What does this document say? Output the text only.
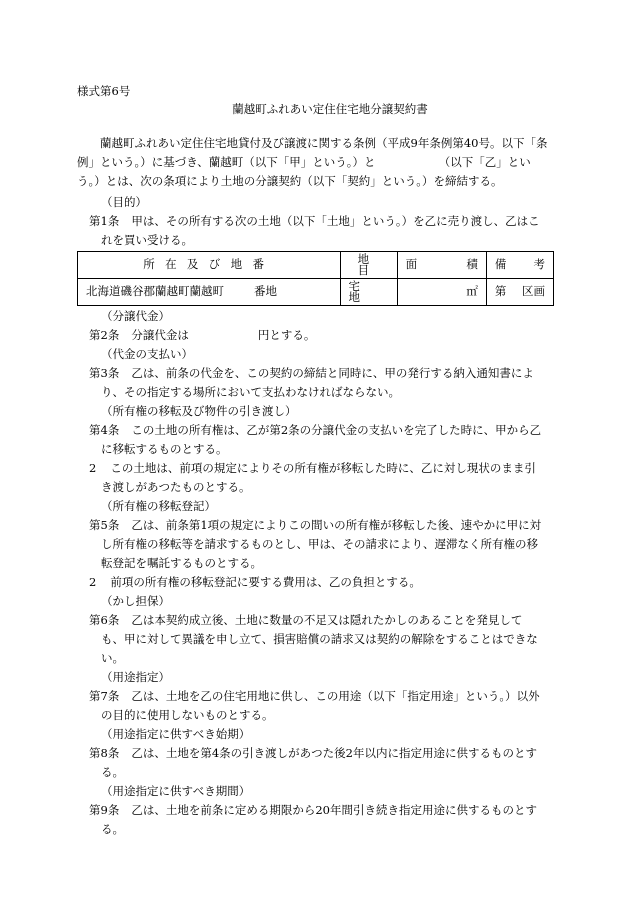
様式第6号
蘭越町ふれあい定住住宅地分譲契約書
蘭越町ふれあい定住住宅地貸付及び譲渡に関する条例（平成9年条例第40号。以下「条
例」という。）に基づき、蘭越町（以下「甲」という。）と　　　　　　（以下「乙」とい
う。）とは、次の条項により土地の分譲契約（以下「契約」という。）を締結する。
（目的）
第1条 甲は、その所有する次の土地（以下「土地」という。）を乙に売り渡し、乙はこ
れを買い受ける。
所在及び地番	地目	面 積	備 考

北海道磯谷郡蘭越町蘭越町 番地	宅地	㎡	第 区画
（分譲代金）
第2条 分譲代金は　　　　　　円とする。
（代金の支払い）
第3条 乙は、前条の代金を、この契約の締結と同時に、甲の発行する納入通知書によ
り、その指定する場所において支払わなければならない。
（所有権の移転及び物件の引き渡し）
第4条 この土地の所有権は、乙が第2条の分譲代金の支払いを完了した時に、甲から乙
に移転するものとする。
2 この土地は、前項の規定によりその所有権が移転した時に、乙に対し現状のまま引
き渡しがあつたものとする。
（所有権の移転登記）
第5条 乙は、前条第1項の規定によりこの間いの所有権が移転した後、速やかに甲に対
し所有権の移転等を請求するものとし、甲は、その請求により、遅滞なく所有権の移
転登記を嘱託するものとする。
2 前項の所有権の移転登記に要する費用は、乙の負担とする。
（かし担保）
第6条 乙は本契約成立後、土地に数量の不足又は隠れたかしのあることを発見して
も、甲に対して異議を申し立て、損害賠償の請求又は契約の解除をすることはできな
い。
（用途指定）
第7条 乙は、土地を乙の住宅用地に供し、この用途（以下「指定用途」という。）以外
の目的に使用しないものとする。
（用途指定に供すべき始期）
第8条 乙は、土地を第4条の引き渡しがあつた後2年以内に指定用途に供するものとす
る。
（用途指定に供すべき期間）
第9条 乙は、土地を前条に定める期限から20年間引き続き指定用途に供するものとす
る。
